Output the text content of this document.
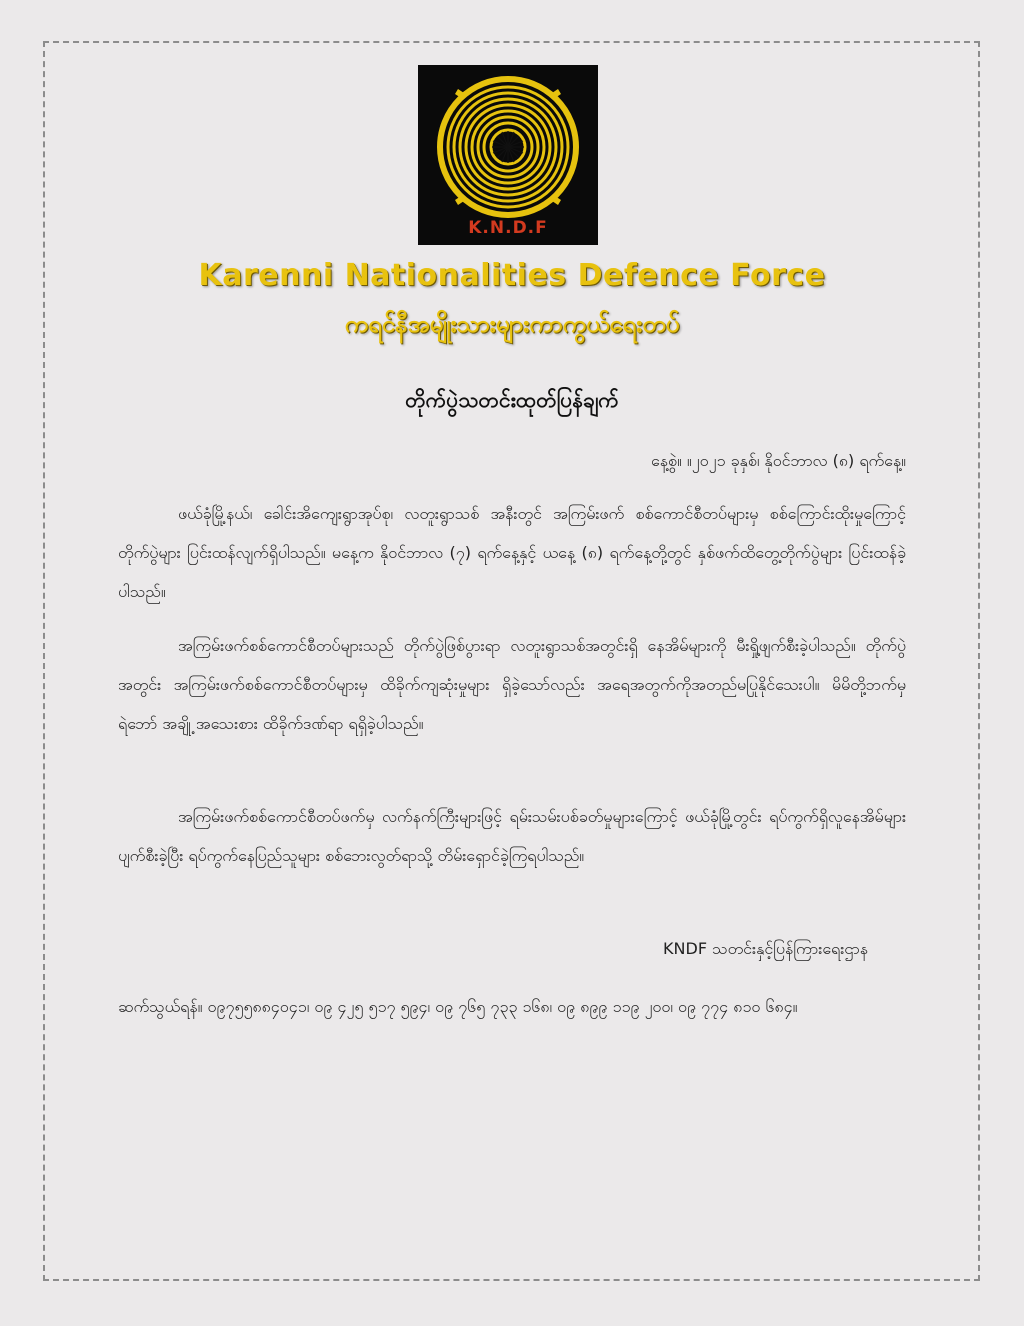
K.N.D.F
Karenni Nationalities Defence Force
ကရင်နီအမျိုးသားများကာကွယ်ရေးတပ်
တိုက်ပွဲသတင်းထုတ်ပြန်ချက်
နေ့စွဲ။ ။၂၀၂၁ ခုနှစ်၊ နိုဝင်ဘာလ (၈) ရက်နေ့။

ဖယ်ခုံမြို့နယ်၊ ခေါင်းအိကျေးရွာအုပ်စု၊ လတူးရွာသစ် အနီးတွင် အကြမ်းဖက် စစ်ကောင်စီတပ်များမှ စစ်ကြောင်းထိုးမှုကြောင့် တိုက်ပွဲများ ပြင်းထန်လျက်ရှိပါသည်။ မနေ့က နိုဝင်ဘာလ (၇) ရက်နေ့နှင့် ယနေ့ (၈) ရက်နေ့တို့တွင် နှစ်ဖက်ထိတွေ့တိုက်ပွဲများ ပြင်းထန်ခဲ့ပါသည်။

အကြမ်းဖက်စစ်ကောင်စီတပ်များသည် တိုက်ပွဲဖြစ်ပွားရာ လတူးရွာသစ်အတွင်းရှိ နေအိမ်များကို မီးရှို့ဖျက်စီးခဲ့ပါသည်။ တိုက်ပွဲအတွင်း အကြမ်းဖက်စစ်ကောင်စီတပ်များမှ ထိခိုက်ကျဆုံးမှုများ ရှိခဲ့သော်လည်း အရေအတွက်ကိုအတည်မပြုနိုင်သေးပါ။ မိမိတို့ဘက်မှ ရဲဘော် အချို့ အသေးစား ထိခိုက်ဒဏ်ရာ ရရှိခဲ့ပါသည်။

အကြမ်းဖက်စစ်ကောင်စီတပ်ဖက်မှ လက်နက်ကြီးများဖြင့် ရမ်းသမ်းပစ်ခတ်မှုများကြောင့် ဖယ်ခုံမြို့တွင်း ရပ်ကွက်ရှိလူနေအိမ်များ ပျက်စီးခဲ့ပြီး ရပ်ကွက်နေပြည်သူများ စစ်ဘေးလွတ်ရာသို့ တိမ်းရှောင်ခဲ့ကြရပါသည်။

KNDF သတင်းနှင့်ပြန်ကြားရေးဌာန

ဆက်သွယ်ရန်။ ၀၉၇၅၅၈၈၄၀၄၁၊ ၀၉ ၄၂၅ ၅၁၇ ၅၉၄၊ ၀၉ ၇၆၅ ၇၃၃ ၁၆၈၊ ၀၉ ၈၉၉ ၁၁၉ ၂၀၀၊ ၀၉ ၇၇၄ ၈၁၀ ၆၈၄။
